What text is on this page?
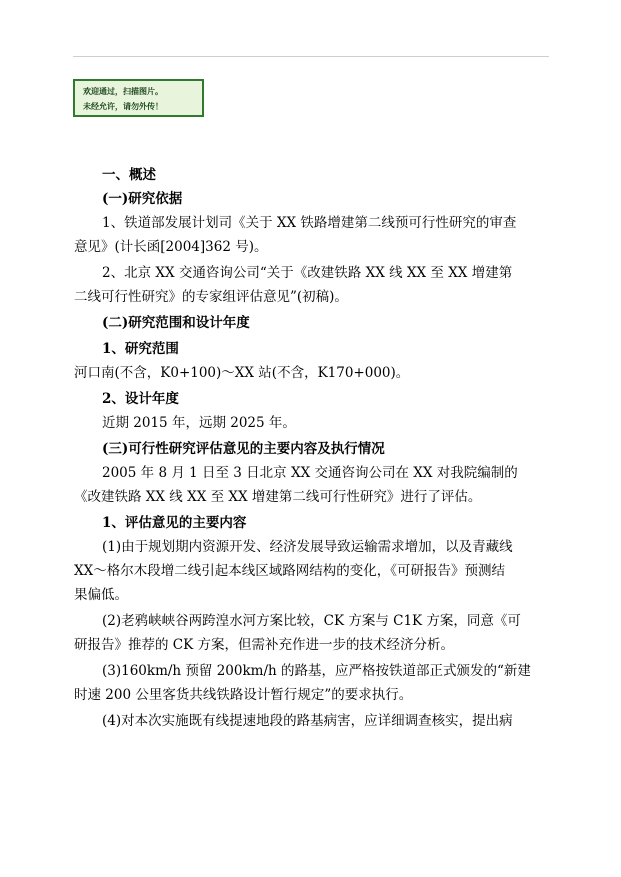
欢迎通过，扫描图片。
未经允许，请勿外传！
一、概述
(一)研究依据
1、铁道部发展计划司《关于 XX 铁路增建第二线预可行性研究的审查
意见》(计长函[2004]362 号)。
2、北京 XX 交通咨询公司“关于《改建铁路 XX 线 XX 至 XX 增建第
二线可行性研究》的专家组评估意见”(初稿)。
(二)研究范围和设计年度
1、研究范围
河口南(不含，K0+100)～XX 站(不含，K170+000)。
2、设计年度
近期 2015 年，远期 2025 年。
(三)可行性研究评估意见的主要内容及执行情况
2005 年 8 月 1 日至 3 日北京 XX 交通咨询公司在 XX 对我院编制的
《改建铁路 XX 线 XX 至 XX 增建第二线可行性研究》进行了评估。
1、评估意见的主要内容
(1)由于规划期内资源开发、经济发展导致运输需求增加，以及青藏线
XX～格尔木段增二线引起本线区域路网结构的变化，《可研报告》预测结
果偏低。
(2)老鸦峡峡谷两跨湟水河方案比较，CK 方案与 C1K 方案，同意《可
研报告》推荐的 CK 方案，但需补充作进一步的技术经济分析。
(3)160km/h 预留 200km/h 的路基，应严格按铁道部正式颁发的“新建
时速 200 公里客货共线铁路设计暂行规定”的要求执行。
(4)对本次实施既有线提速地段的路基病害，应详细调查核实，提出病
